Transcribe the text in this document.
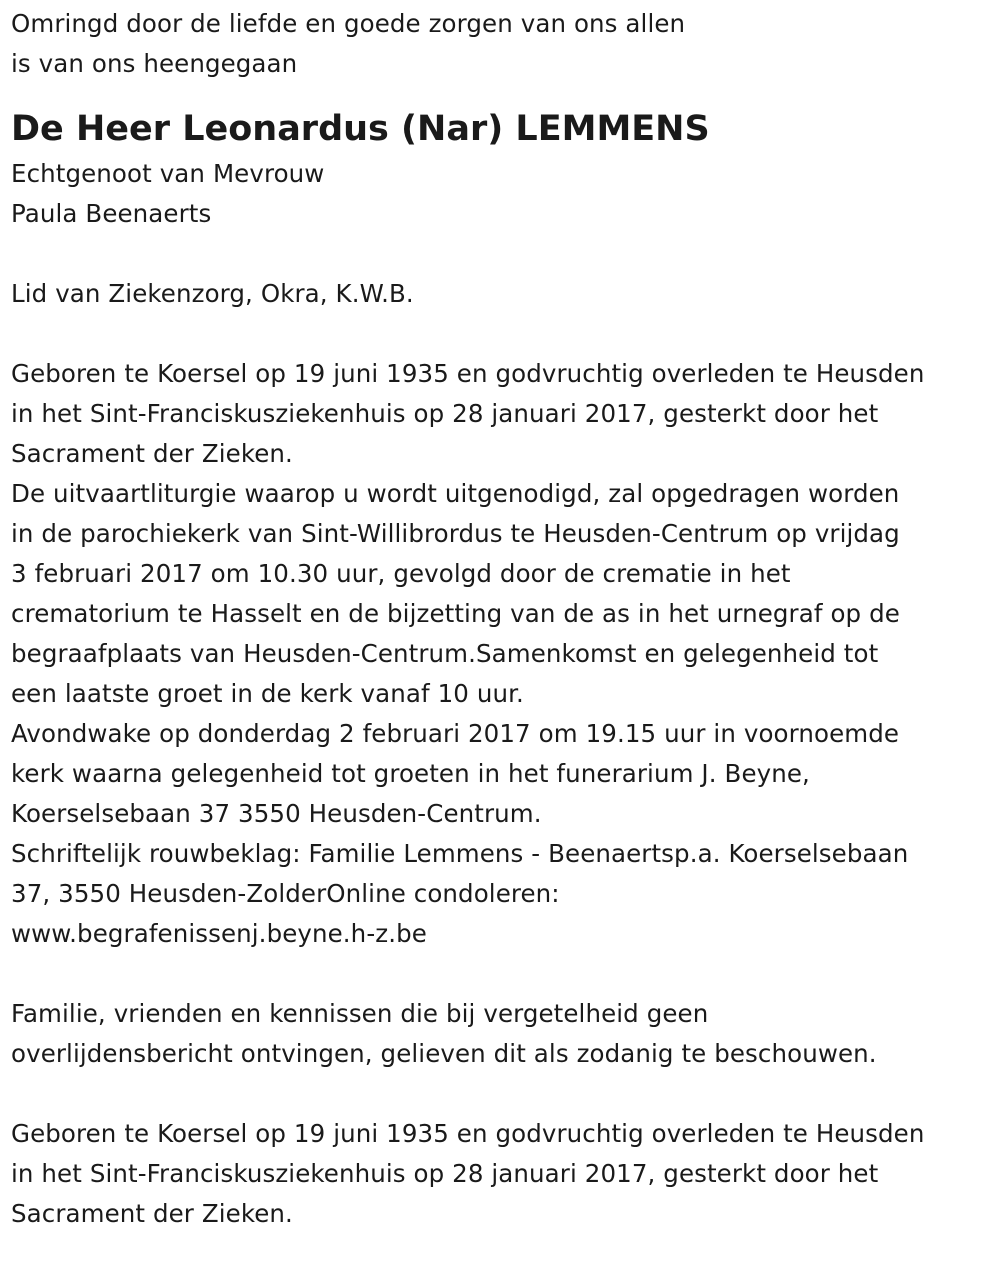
Omringd door de liefde en goede zorgen van ons allen
is van ons heengegaan
De Heer Leonardus (Nar) LEMMENS
Echtgenoot van Mevrouw
Paula Beenaerts
Lid van Ziekenzorg, Okra, K.W.B.
Geboren te Koersel op 19 juni 1935 en godvruchtig overleden te Heusden
in het Sint-Franciskusziekenhuis op 28 januari 2017, gesterkt door het
Sacrament der Zieken.
De uitvaartliturgie waarop u wordt uitgenodigd, zal opgedragen worden
in de parochiekerk van Sint-Willibrordus te Heusden-Centrum op vrijdag
3 februari 2017 om 10.30 uur, gevolgd door de crematie in het
crematorium te Hasselt en de bijzetting van de as in het urnegraf op de
begraafplaats van Heusden-Centrum.Samenkomst en gelegenheid tot
een laatste groet in de kerk vanaf 10 uur.
Avondwake op donderdag 2 februari 2017 om 19.15 uur in voornoemde
kerk waarna gelegenheid tot groeten in het funerarium J. Beyne,
Koerselsebaan 37 3550 Heusden-Centrum.
Schriftelijk rouwbeklag: Familie Lemmens - Beenaertsp.a. Koerselsebaan
37, 3550 Heusden-ZolderOnline condoleren:
www.begrafenissenj.beyne.h-z.be
Familie, vrienden en kennissen die bij vergetelheid geen
overlijdensbericht ontvingen, gelieven dit als zodanig te beschouwen.
Geboren te Koersel op 19 juni 1935 en godvruchtig overleden te Heusden
in het Sint-Franciskusziekenhuis op 28 januari 2017, gesterkt door het
Sacrament der Zieken.
